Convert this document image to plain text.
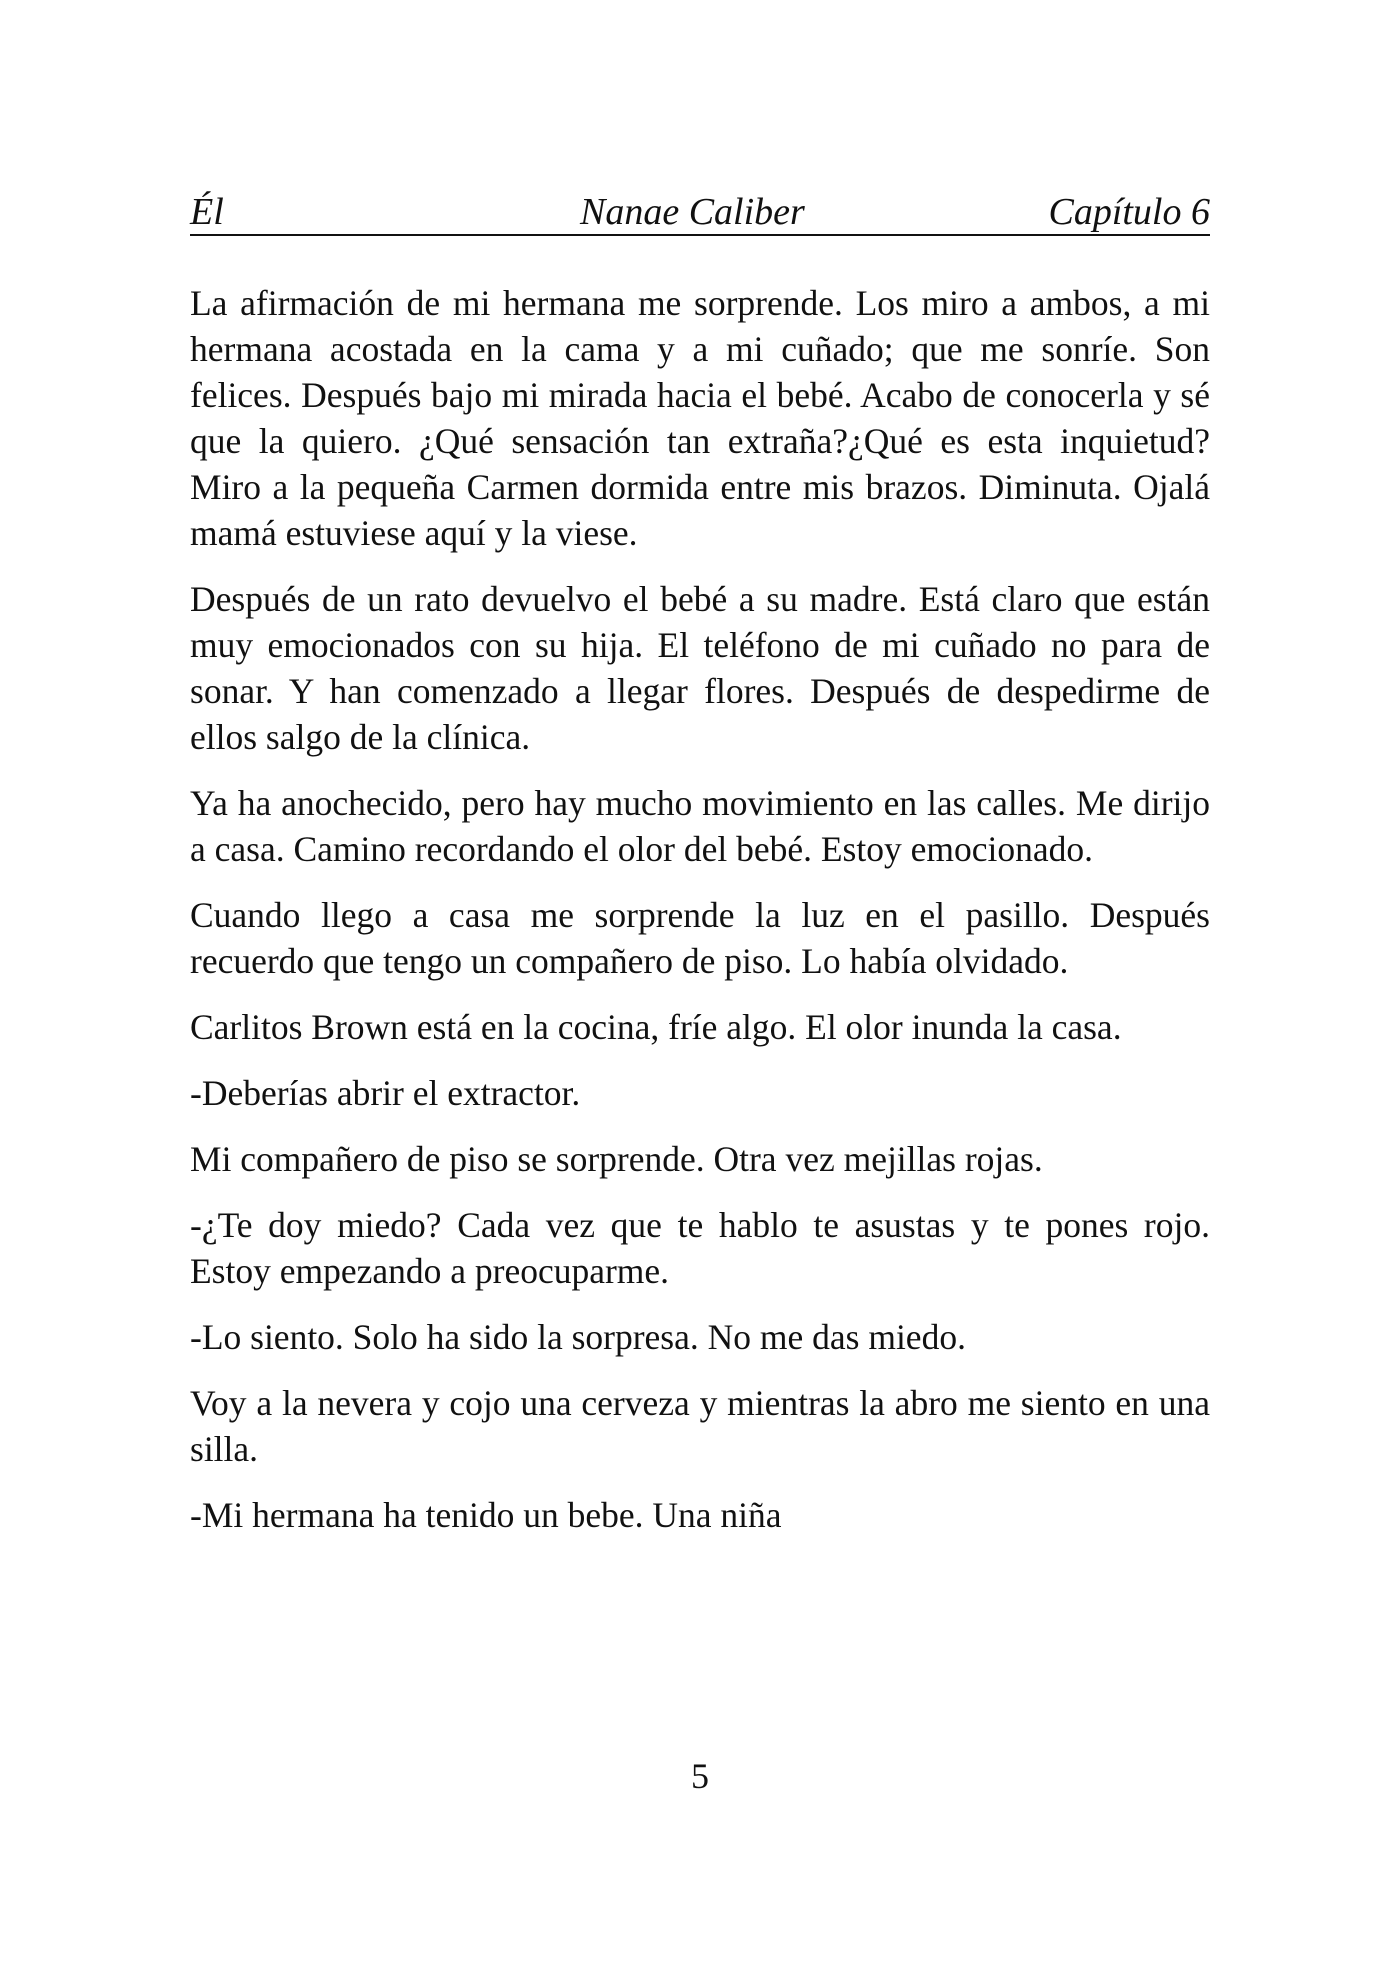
Él	Nanae Caliber	Capítulo 6

La afirmación de mi hermana me sorprende. Los miro a ambos, a mi hermana acostada en la cama y a mi cuñado; que me sonríe. Son felices. Después bajo mi mirada hacia el bebé. Acabo de conocerla y sé que la quiero. ¿Qué sensación tan extraña?¿Qué es esta inquietud? Miro a la pequeña Carmen dormida entre mis brazos. Diminuta. Ojalá mamá estuviese aquí y la viese.

Después de un rato devuelvo el bebé a su madre. Está claro que están muy emocionados con su hija. El teléfono de mi cuñado no para de sonar. Y han comenzado a llegar flores. Después de despedirme de ellos salgo de la clínica.

Ya ha anochecido, pero hay mucho movimiento en las calles. Me dirijo a casa. Camino recordando el olor del bebé. Estoy emocionado.

Cuando llego a casa me sorprende la luz en el pasillo. Después recuerdo que tengo un compañero de piso. Lo había olvidado.

Carlitos Brown está en la cocina, fríe algo. El olor inunda la casa.

-Deberías abrir el extractor.

Mi compañero de piso se sorprende. Otra vez mejillas rojas.

-¿Te doy miedo? Cada vez que te hablo te asustas y te pones rojo. Estoy empezando a preocuparme.

-Lo siento. Solo ha sido la sorpresa. No me das miedo.

Voy a la nevera y cojo una cerveza y mientras la abro me siento en una silla.

-Mi hermana ha tenido un bebe. Una niña

5
